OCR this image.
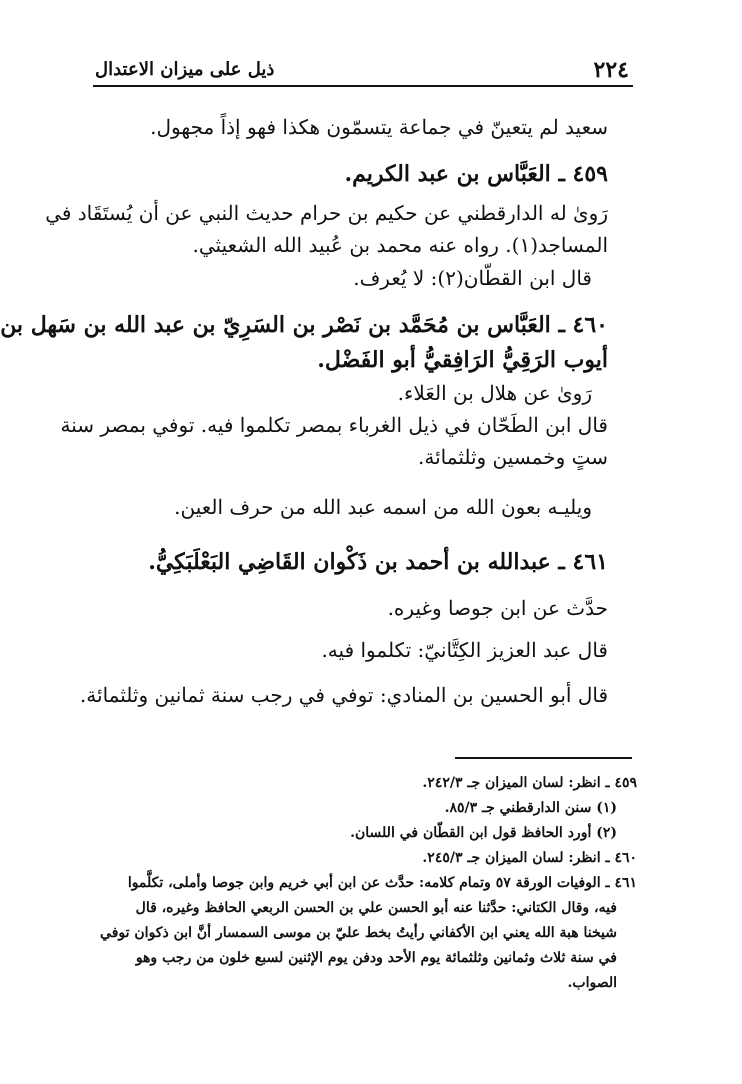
٢٢٤
ذيل على ميزان الاعتدال
سعيد لم يتعينّ في جماعة يتسمّون هكذا فهو إذاً مجهول.
٤٥٩ ـ العَبَّاس بن عبد الكريم.
رَوىٰ له الدارقطني عن حكيم بن حرام حديث النبي عن أن يُستَقَاد في
المساجد(١). رواه عنه محمد بن عُبيد الله الشعيثي.
قال ابن القطّان(٢): لا يُعرف.
٤٦٠ ـ العَبَّاس بن مُحَمَّد بن نَصْر بن السَرِيّ بن عبد الله بن سَهل بن
أيوب الرَقِيُّ الرَافِقيُّ أبو الفَضْل.
رَوىٰ عن هلال بن العَلاء.
قال ابن الطَحّان في ذيل الغرباء بمصر تكلموا فيه. توفي بمصر سنة
ستٍ وخمسين وثلثمائة.
ويليـه بعون الله من اسمه عبد الله من حرف العين.
٤٦١ ـ عبدالله بن أحمد بن ذَكْوان القَاضِي البَعْلَبَكِيُّ.
حدَّث عن ابن جوصا وغيره.
قال عبد العزيز الكِتَّانيّ: تكلموا فيه.
قال أبو الحسين بن المنادي: توفي في رجب سنة ثمانين وثلثمائة.
٤٥٩ ـ انظر: لسان الميزان جـ ٢٤٢/٣.
(١) سنن الدارقطني جـ ٨٥/٣.
(٢) أورد الحافظ قول ابن القطّان في اللسان.
٤٦٠ ـ انظر: لسان الميزان جـ ٢٤٥/٣.
٤٦١ ـ الوفيات الورقة ٥٧ وتمام كلامه: حدَّث عن ابن أبي خريم وابن جوصا وأملى، تكلَّموا
فيه، وقال الكتاني: حدَّثنا عنه أبو الحسن علي بن الحسن الربعي الحافظ وغيره، قال
شيخنا هبة الله يعني ابن الأكفاني رأيتُ بخط عليّ بن موسى السمسار أنَّ ابن ذكوان توفي
في سنة ثلاث وثمانين وثلثمائة يوم الأحد ودفن يوم الإثنين لسبع خلون من رجب وهو
الصواب.
